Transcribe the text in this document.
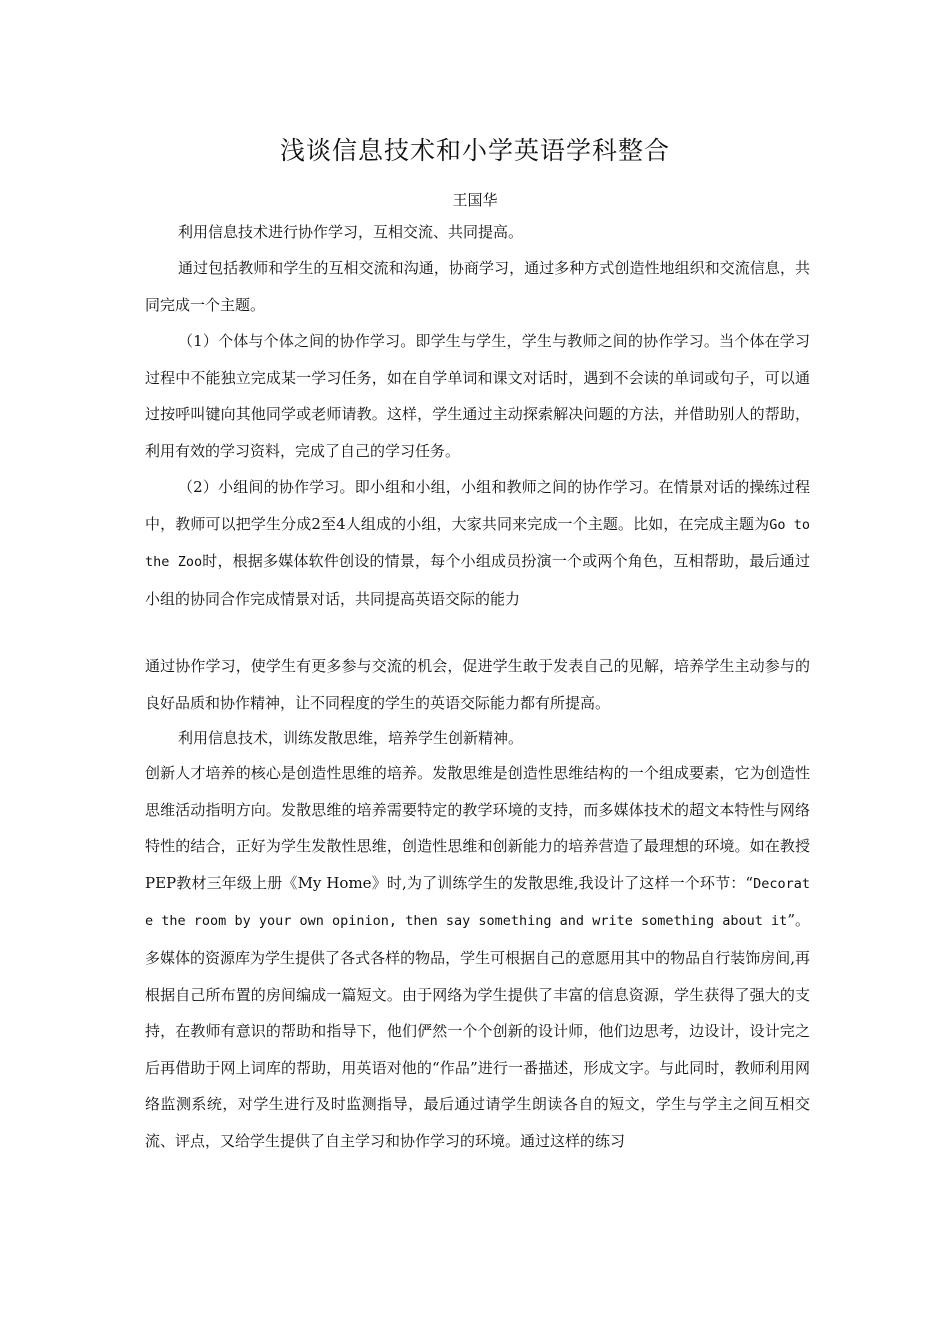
浅谈信息技术和小学英语学科整合
王国华
利用信息技术进行协作学习，互相交流、共同提高。
通过包括教师和学生的互相交流和沟通，协商学习，通过多种方式创造性地组织和交流信息，共同完成一个主题。
（1）个体与个体之间的协作学习。即学生与学生，学生与教师之间的协作学习。当个体在学习过程中不能独立完成某一学习任务，如在自学单词和课文对话时，遇到不会读的单词或句子，可以通过按呼叫键向其他同学或老师请教。这样，学生通过主动探索解决问题的方法，并借助别人的帮助，利用有效的学习资料，完成了自己的学习任务。
（2）小组间的协作学习。即小组和小组，小组和教师之间的协作学习。在情景对话的操练过程中，教师可以把学生分成2至4人组成的小组，大家共同来完成一个主题。比如，在完成主题为Go to the Zoo时，根据多媒体软件创设的情景，每个小组成员扮演一个或两个角色，互相帮助，最后通过小组的协同合作完成情景对话，共同提高英语交际的能力
通过协作学习，使学生有更多参与交流的机会，促进学生敢于发表自己的见解，培养学生主动参与的良好品质和协作精神，让不同程度的学生的英语交际能力都有所提高。
利用信息技术，训练发散思维，培养学生创新精神。
创新人才培养的核心是创造性思维的培养。发散思维是创造性思维结构的一个组成要素，它为创造性思维活动指明方向。发散思维的培养需要特定的教学环境的支持，而多媒体技术的超文本特性与网络特性的结合，正好为学生发散性思维，创造性思维和创新能力的培养营造了最理想的环境。如在教授PEP教材三年级上册《My Home》时,为了训练学生的发散思维,我设计了这样一个环节：“Decorate the room by your own opinion, then say something and write something about it”。多媒体的资源库为学生提供了各式各样的物品，学生可根据自己的意愿用其中的物品自行装饰房间,再根据自己所布置的房间编成一篇短文。由于网络为学生提供了丰富的信息资源，学生获得了强大的支持，在教师有意识的帮助和指导下，他们俨然一个个创新的设计师，他们边思考，边设计，设计完之后再借助于网上词库的帮助，用英语对他的“作品”进行一番描述，形成文字。与此同时，教师利用网络监测系统，对学生进行及时监测指导，最后通过请学生朗读各自的短文，学生与学主之间互相交流、评点，又给学生提供了自主学习和协作学习的环境。通过这样的练习
